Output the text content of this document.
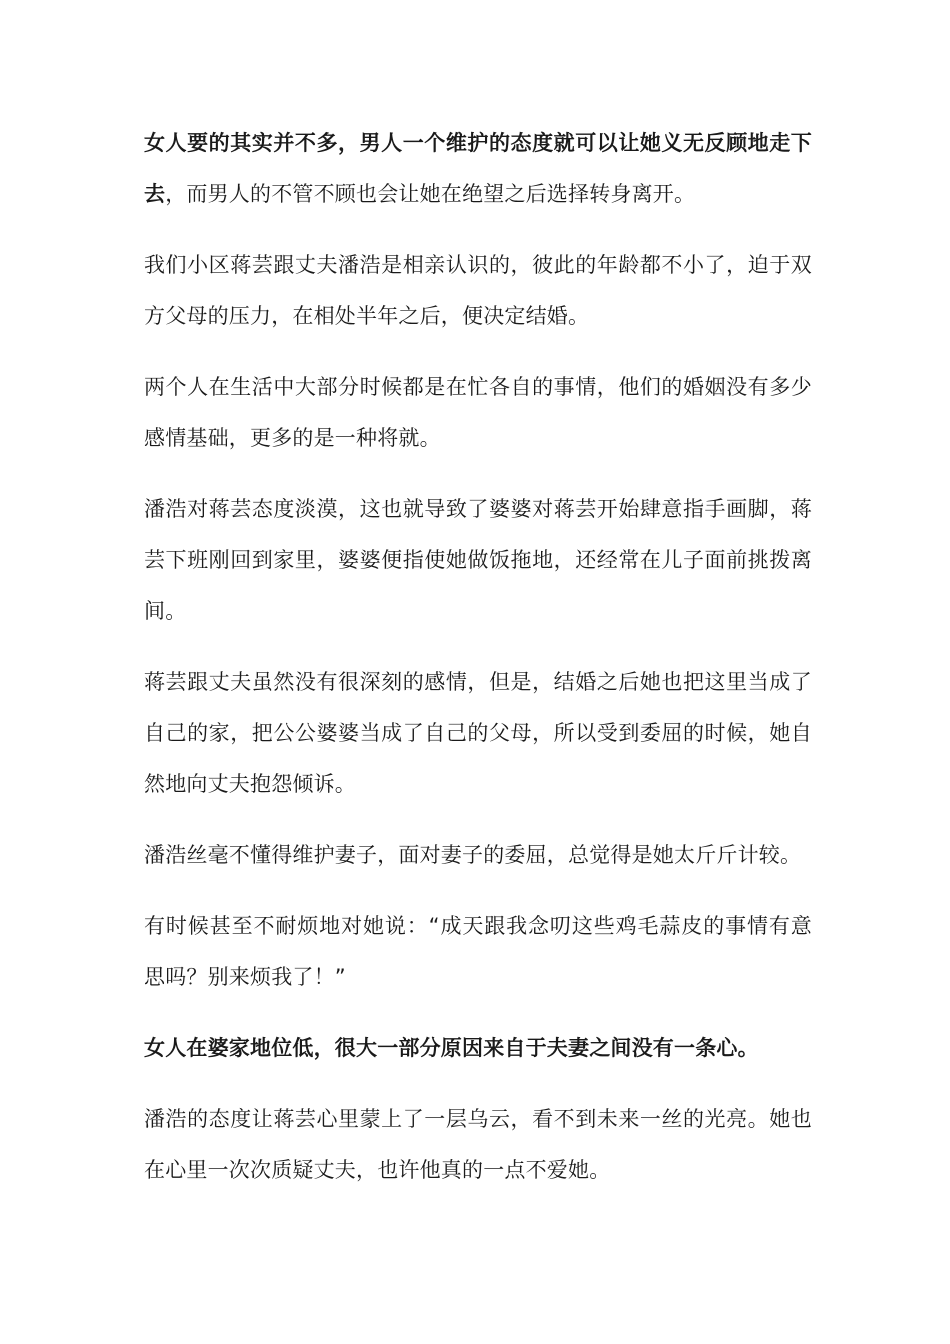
女人要的其实并不多，男人一个维护的态度就可以让她义无反顾地走下去，而男人的不管不顾也会让她在绝望之后选择转身离开。

我们小区蒋芸跟丈夫潘浩是相亲认识的，彼此的年龄都不小了，迫于双方父母的压力，在相处半年之后，便决定结婚。

两个人在生活中大部分时候都是在忙各自的事情，他们的婚姻没有多少感情基础，更多的是一种将就。

潘浩对蒋芸态度淡漠，这也就导致了婆婆对蒋芸开始肆意指手画脚，蒋芸下班刚回到家里，婆婆便指使她做饭拖地，还经常在儿子面前挑拨离间。

蒋芸跟丈夫虽然没有很深刻的感情，但是，结婚之后她也把这里当成了自己的家，把公公婆婆当成了自己的父母，所以受到委屈的时候，她自然地向丈夫抱怨倾诉。

潘浩丝毫不懂得维护妻子，面对妻子的委屈，总觉得是她太斤斤计较。

有时候甚至不耐烦地对她说：“成天跟我念叨这些鸡毛蒜皮的事情有意思吗？别来烦我了！”

女人在婆家地位低，很大一部分原因来自于夫妻之间没有一条心。

潘浩的态度让蒋芸心里蒙上了一层乌云，看不到未来一丝的光亮。她也在心里一次次质疑丈夫，也许他真的一点不爱她。
